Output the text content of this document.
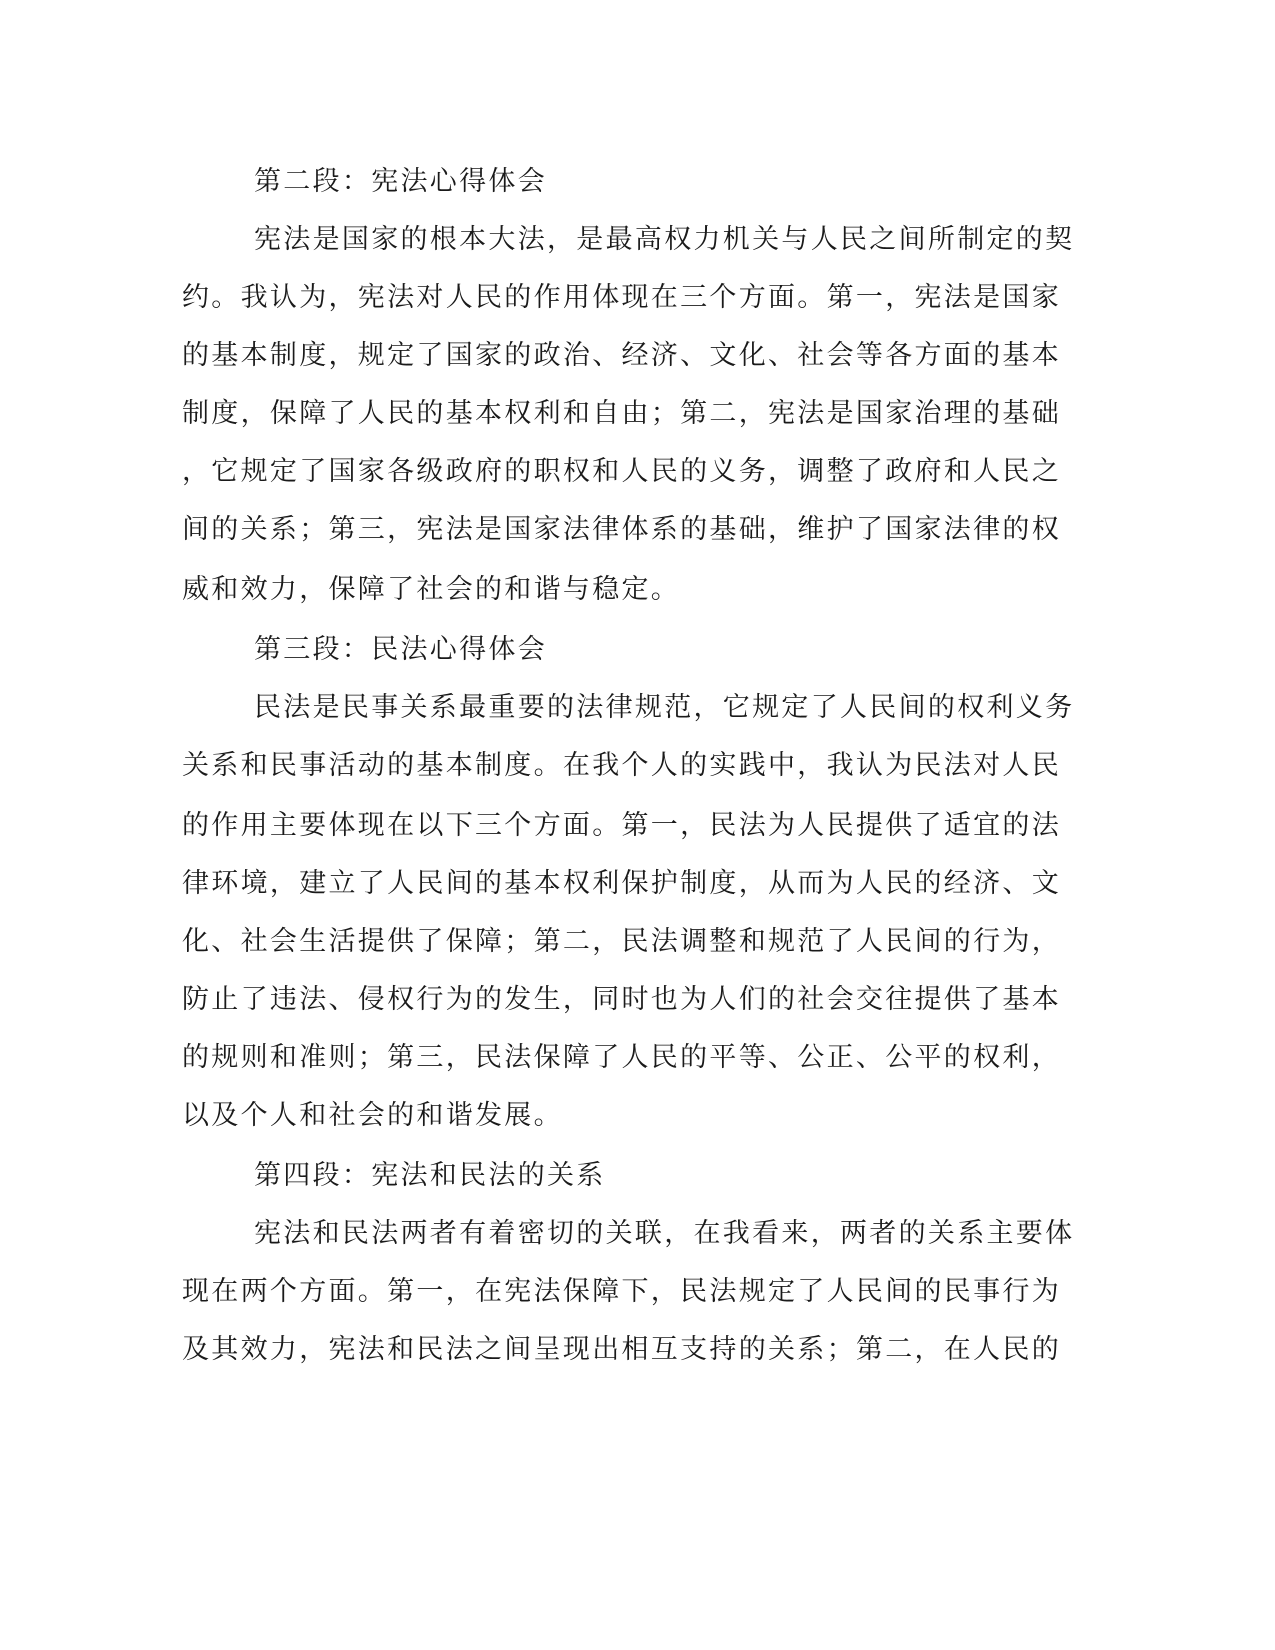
第二段：宪法心得体会
宪法是国家的根本大法，是最高权力机关与人民之间所制定的契
约。我认为，宪法对人民的作用体现在三个方面。第一，宪法是国家
的基本制度，规定了国家的政治、经济、文化、社会等各方面的基本
制度，保障了人民的基本权利和自由；第二，宪法是国家治理的基础
，它规定了国家各级政府的职权和人民的义务，调整了政府和人民之
间的关系；第三，宪法是国家法律体系的基础，维护了国家法律的权
威和效力，保障了社会的和谐与稳定。
第三段：民法心得体会
民法是民事关系最重要的法律规范，它规定了人民间的权利义务
关系和民事活动的基本制度。在我个人的实践中，我认为民法对人民
的作用主要体现在以下三个方面。第一，民法为人民提供了适宜的法
律环境，建立了人民间的基本权利保护制度，从而为人民的经济、文
化、社会生活提供了保障；第二，民法调整和规范了人民间的行为，
防止了违法、侵权行为的发生，同时也为人们的社会交往提供了基本
的规则和准则；第三，民法保障了人民的平等、公正、公平的权利，
以及个人和社会的和谐发展。
第四段：宪法和民法的关系
宪法和民法两者有着密切的关联，在我看来，两者的关系主要体
现在两个方面。第一，在宪法保障下，民法规定了人民间的民事行为
及其效力，宪法和民法之间呈现出相互支持的关系；第二，在人民的
